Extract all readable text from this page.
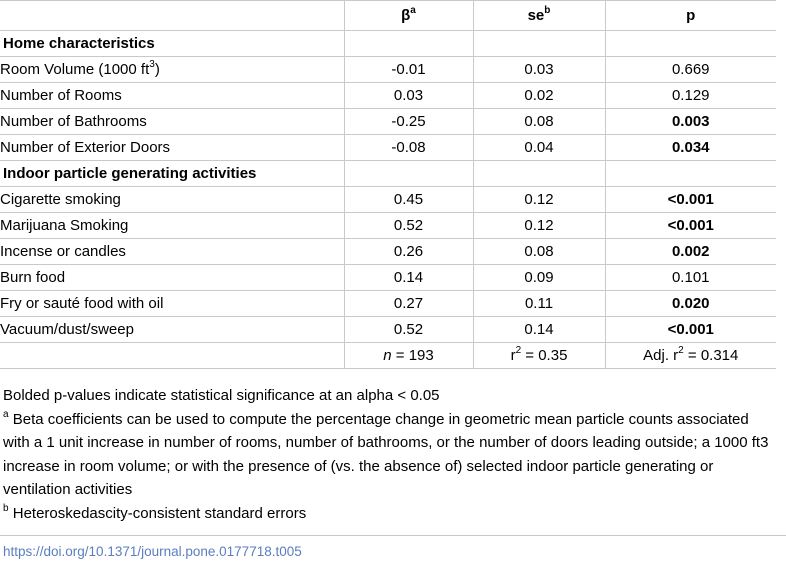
	$\beta^a$	$se^b$	p
Home characteristics			
Room Volume (1000 $ft^3$)	-0.01	0.03	0.669
Number of Rooms	0.03	0.02	0.129
Number of Bathrooms	-0.25	0.08	0.003
Number of Exterior Doors	-0.08	0.04	0.034
Indoor particle generating activities			
Cigarette smoking	0.45	0.12	<0.001
Marijuana Smoking	0.52	0.12	<0.001
Incense or candles	0.26	0.08	0.002
Burn food	0.14	0.09	0.101
Fry or sauté food with oil	0.27	0.11	0.020
Vacuum/dust/sweep	0.52	0.14	<0.001
	n = 193	$r^2 = 0.35$	Adj. $r^2 = 0.314$

Bolded p-values indicate statistical significance at an alpha < 0.05

$^a$ Beta coefficients can be used to compute the percentage change in geometric mean particle counts associated with a 1 unit increase in number of rooms, number of bathrooms, or the number of doors leading outside; a 1000 ft3 increase in room volume; or with the presence of (vs. the absence of) selected indoor particle generating or ventilation activities

$^b$ Heteroskedascity-consistent standard errors

https://doi.org/10.1371/journal.pone.0177718.t005
